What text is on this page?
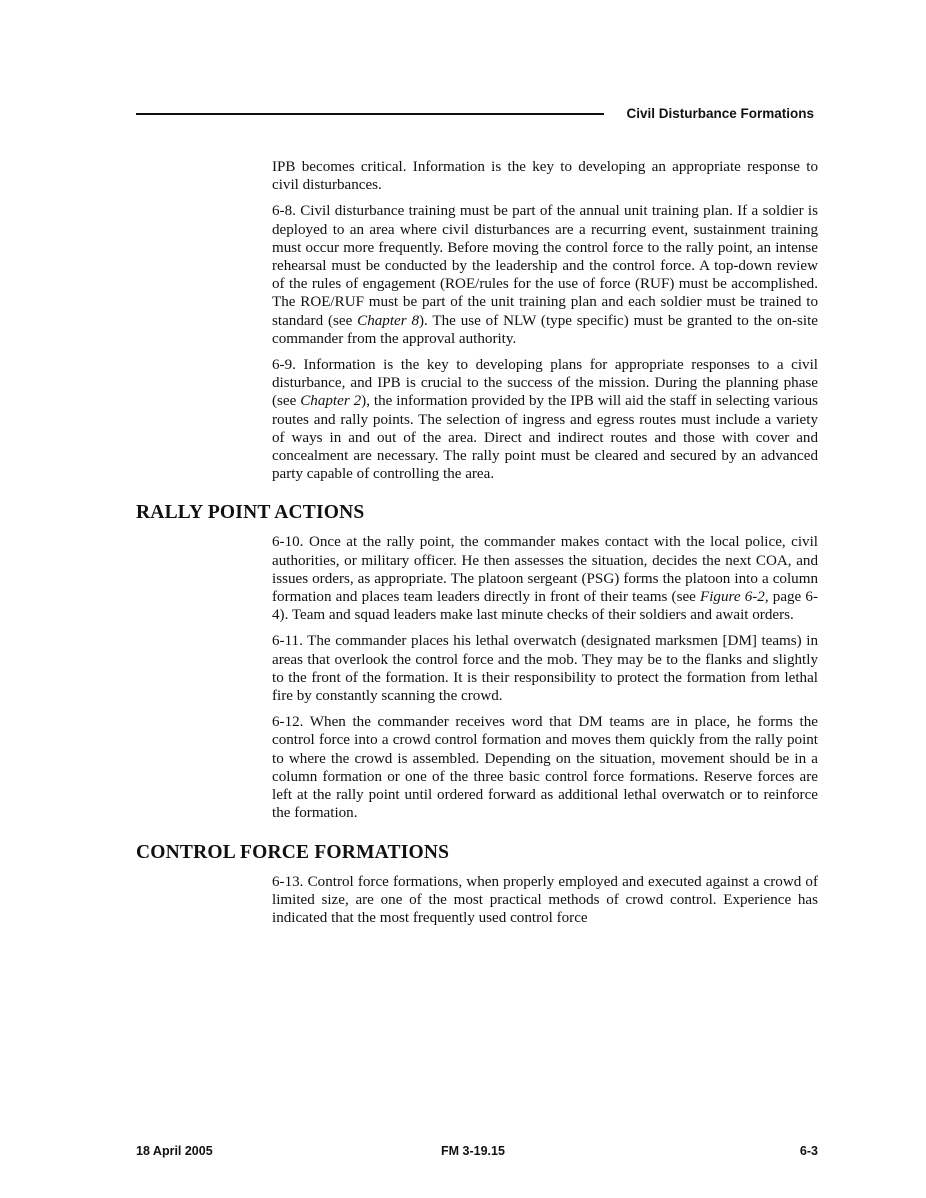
Civil Disturbance Formations

IPB becomes critical. Information is the key to developing an appropriate response to civil disturbances.

6-8. Civil disturbance training must be part of the annual unit training plan. If a soldier is deployed to an area where civil disturbances are a recurring event, sustainment training must occur more frequently. Before moving the control force to the rally point, an intense rehearsal must be conducted by the leadership and the control force. A top-down review of the rules of engagement (ROE/rules for the use of force (RUF) must be accomplished. The ROE/RUF must be part of the unit training plan and each soldier must be trained to standard (see Chapter 8). The use of NLW (type specific) must be granted to the on-site commander from the approval authority.

6-9. Information is the key to developing plans for appropriate responses to a civil disturbance, and IPB is crucial to the success of the mission. During the planning phase (see Chapter 2), the information provided by the IPB will aid the staff in selecting various routes and rally points. The selection of ingress and egress routes must include a variety of ways in and out of the area. Direct and indirect routes and those with cover and concealment are necessary. The rally point must be cleared and secured by an advanced party capable of controlling the area.

RALLY POINT ACTIONS

6-10. Once at the rally point, the commander makes contact with the local police, civil authorities, or military officer. He then assesses the situation, decides the next COA, and issues orders, as appropriate. The platoon sergeant (PSG) forms the platoon into a column formation and places team leaders directly in front of their teams (see Figure 6-2, page 6-4). Team and squad leaders make last minute checks of their soldiers and await orders.

6-11. The commander places his lethal overwatch (designated marksmen [DM] teams) in areas that overlook the control force and the mob. They may be to the flanks and slightly to the front of the formation. It is their responsibility to protect the formation from lethal fire by constantly scanning the crowd.

6-12. When the commander receives word that DM teams are in place, he forms the control force into a crowd control formation and moves them quickly from the rally point to where the crowd is assembled. Depending on the situation, movement should be in a column formation or one of the three basic control force formations. Reserve forces are left at the rally point until ordered forward as additional lethal overwatch or to reinforce the formation.

CONTROL FORCE FORMATIONS

6-13. Control force formations, when properly employed and executed against a crowd of limited size, are one of the most practical methods of crowd control. Experience has indicated that the most frequently used control force

18 April 2005	FM 3-19.15	6-3
